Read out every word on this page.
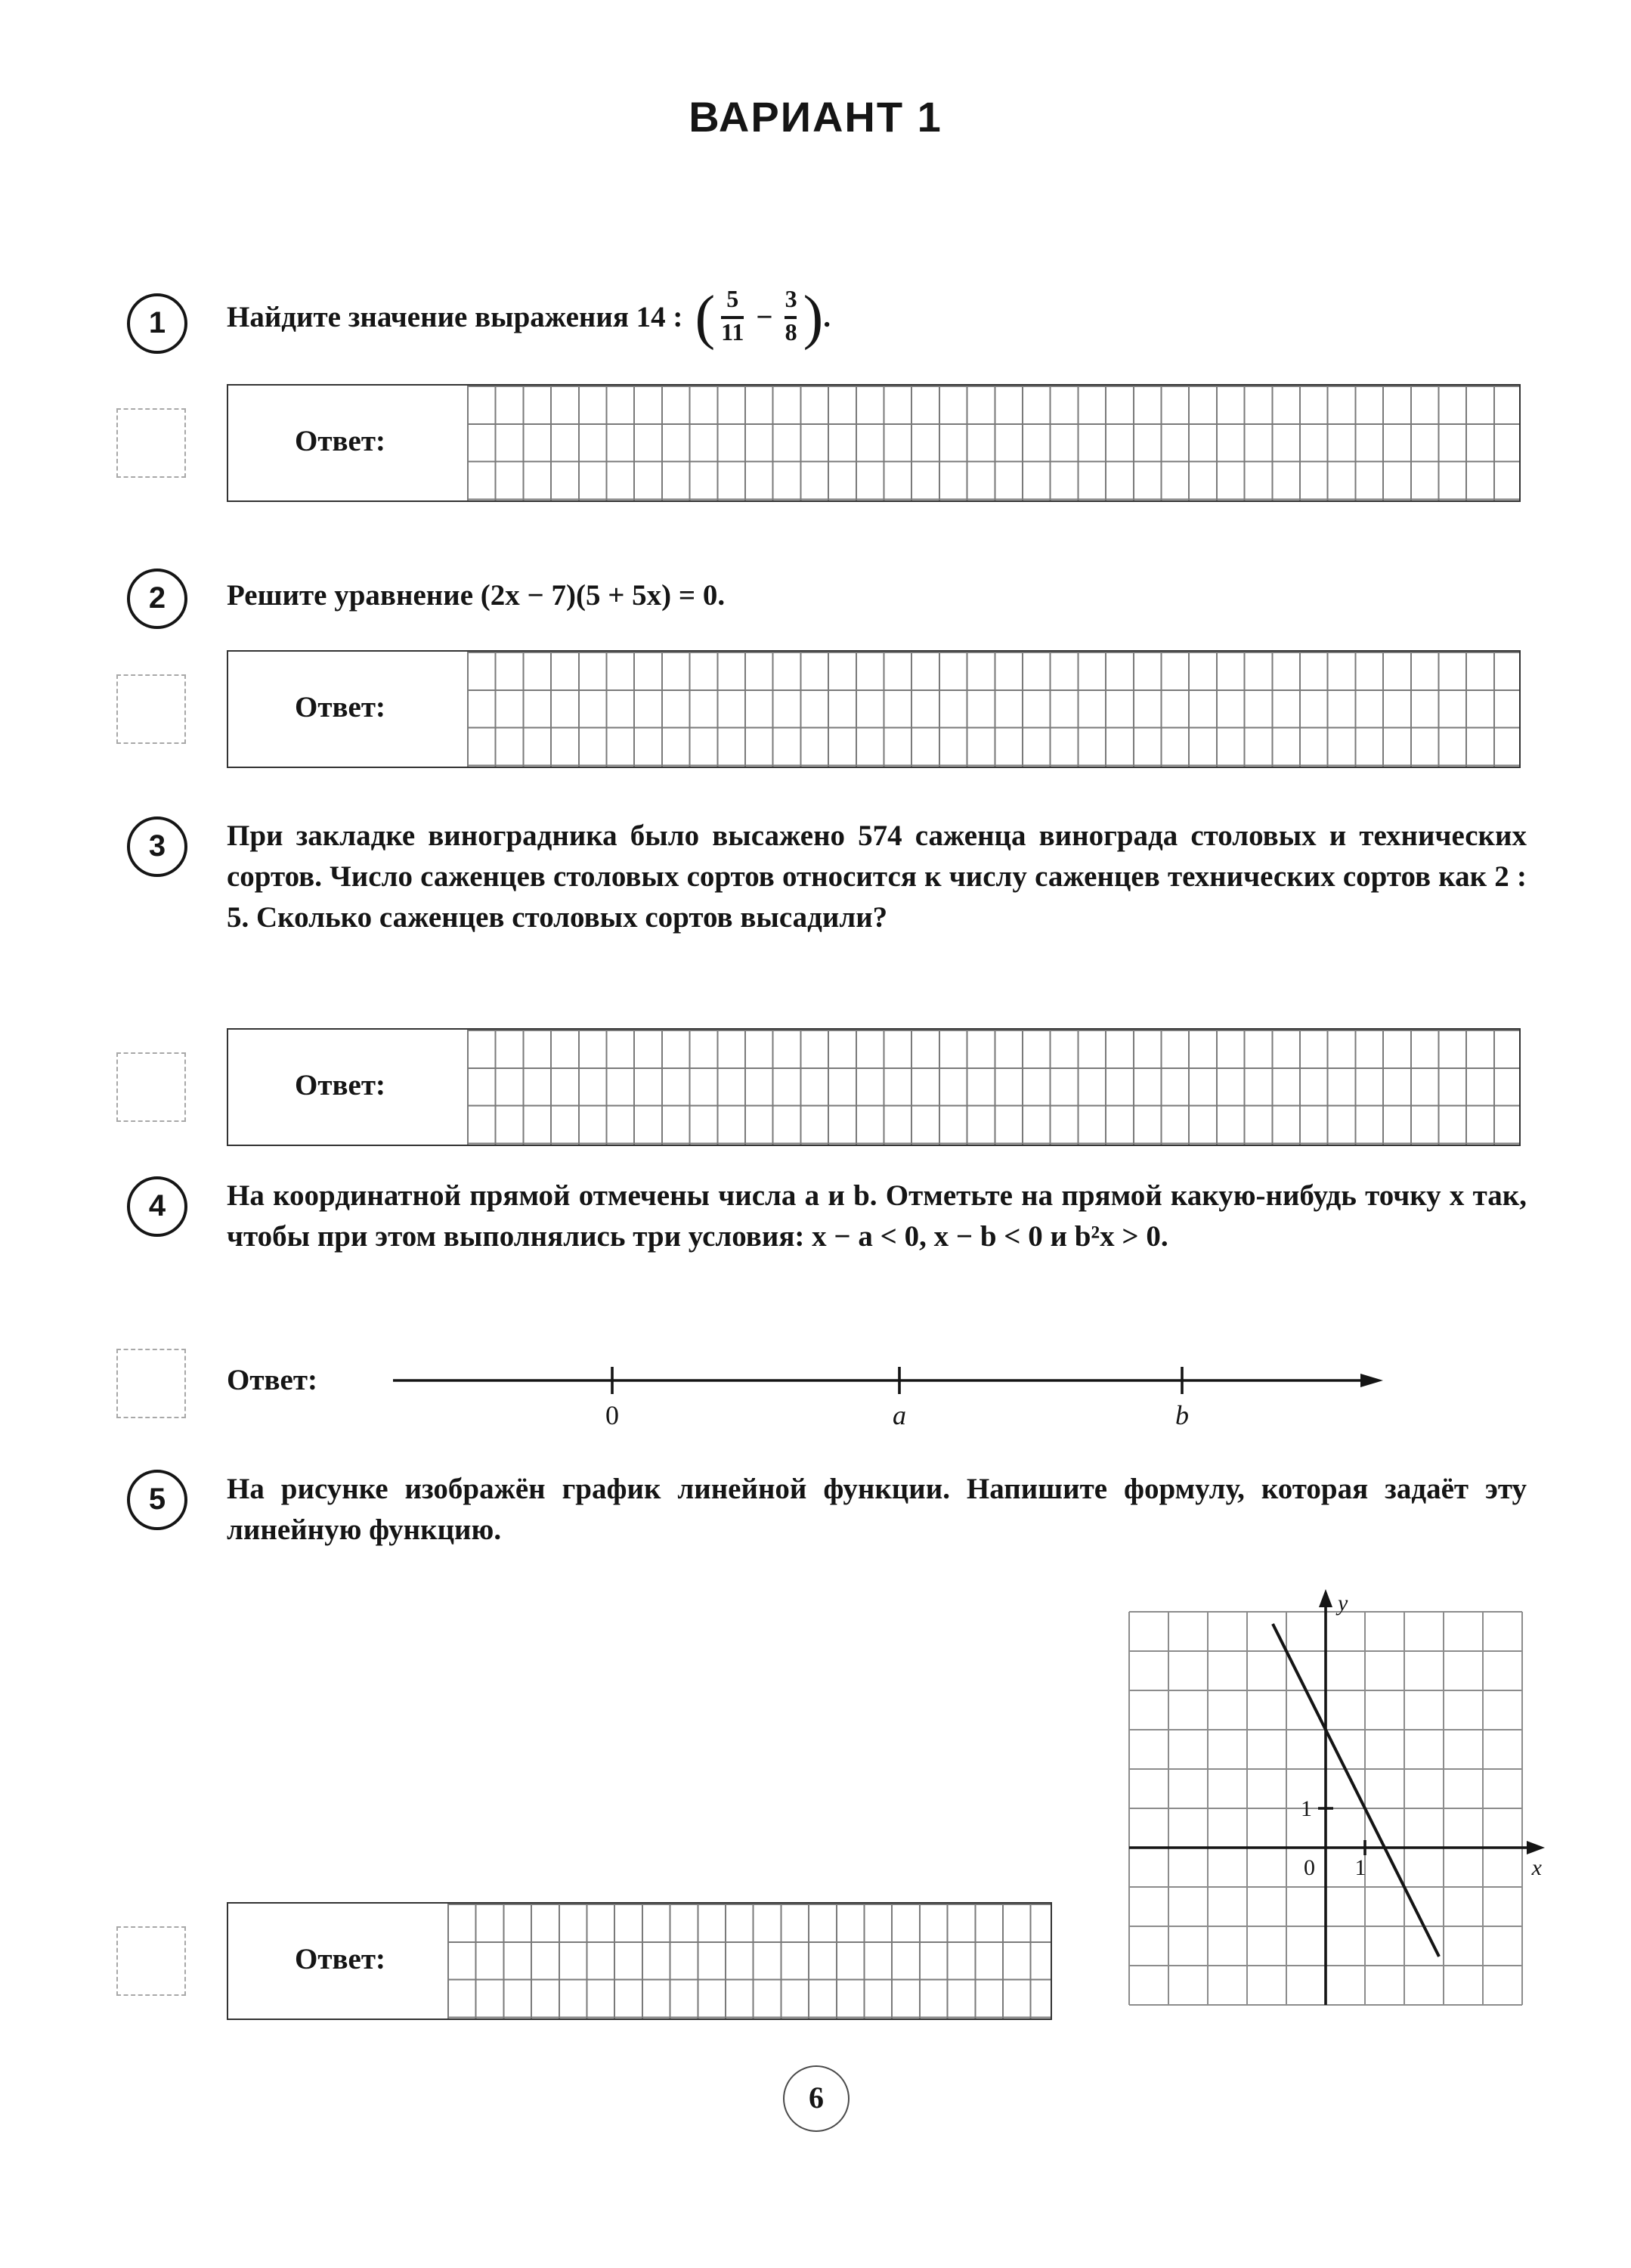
ВАРИАНТ 1
1	Найдите значение выражения 14 : ( $\frac{5}{11} - \frac{3}{8}$ ) .
Ответ:
2	Решите уравнение (2x − 7)(5 + 5x) = 0.
Ответ:
3	При закладке виноградника было высажено 574 саженца винограда столовых и технических сортов. Число саженцев столовых сортов относится к числу саженцев технических сортов как 2 : 5. Сколько саженцев столовых сортов высадили?
Ответ:
4	На координатной прямой отмечены числа a и b. Отметьте на прямой какую-нибудь точку x так, чтобы при этом выполнялись три условия: x − a < 0, x − b < 0 и b²x > 0.
Ответ:
0	a	b
5	На рисунке изображён график линейной функции. Напишите формулу, которая задаёт эту линейную функцию.
y
x
0	1
1
Ответ:
6
